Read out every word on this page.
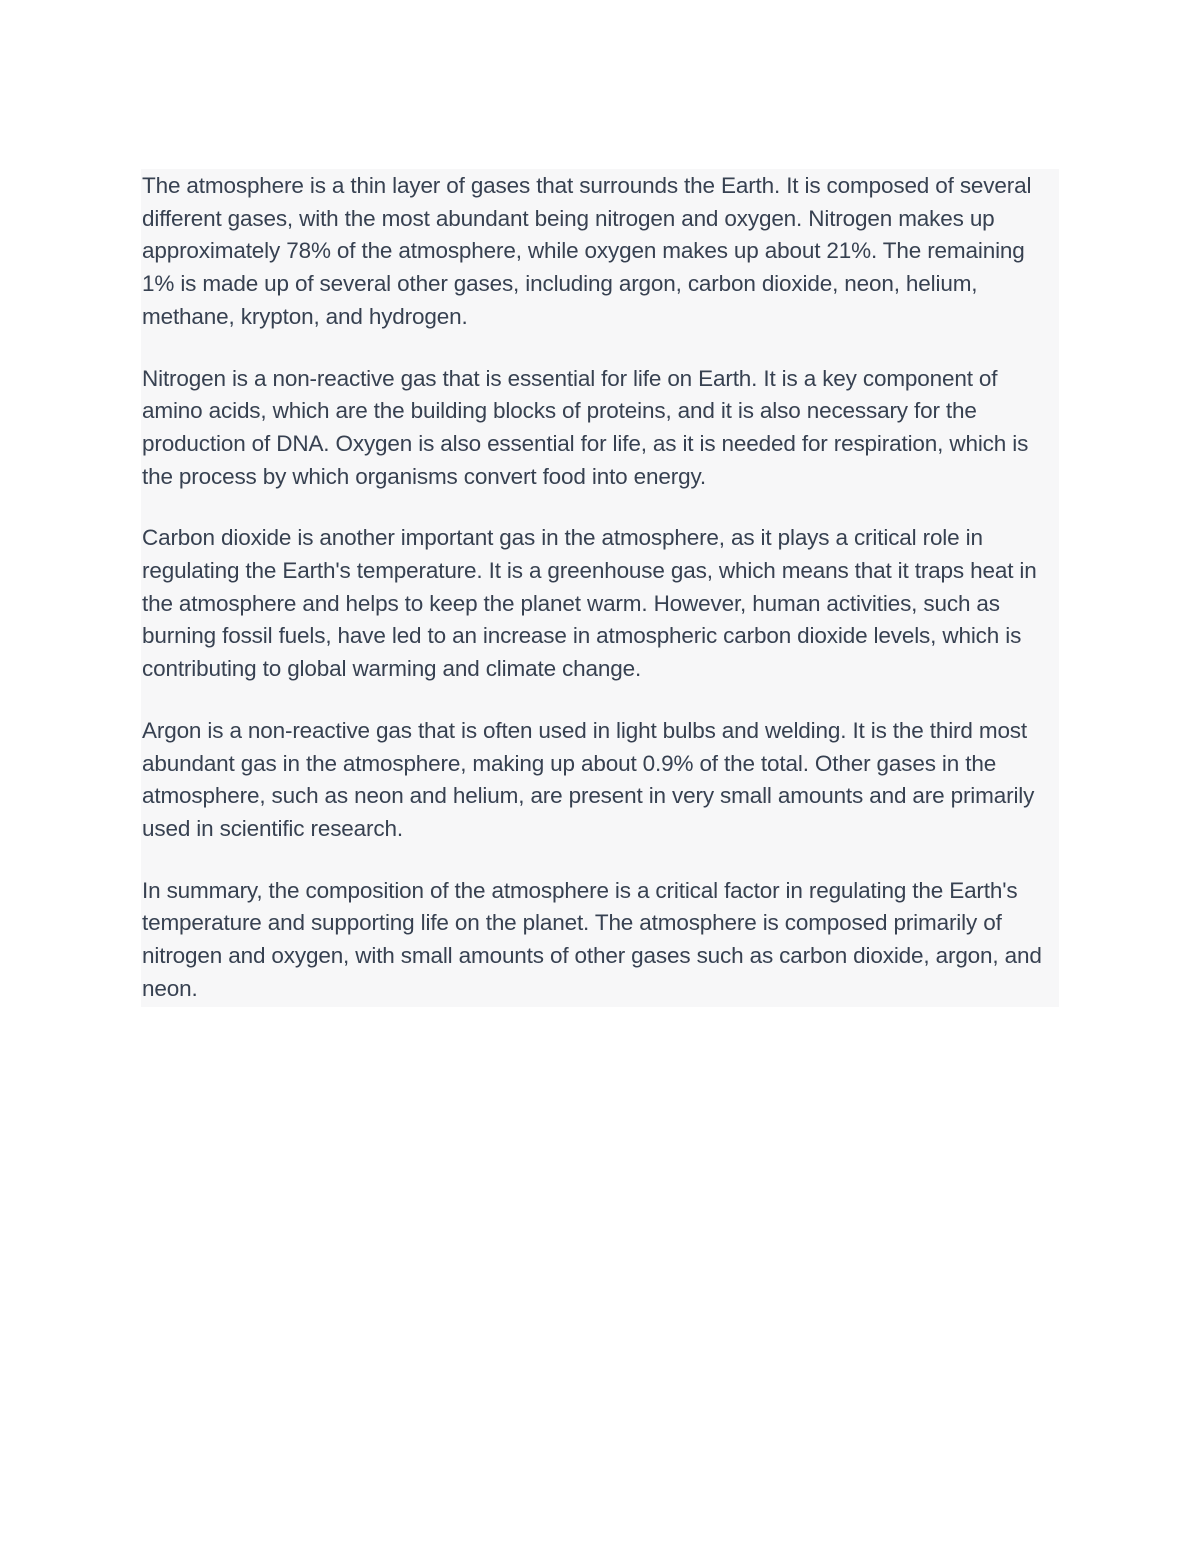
The atmosphere is a thin layer of gases that surrounds the Earth. It is composed of several different gases, with the most abundant being nitrogen and oxygen. Nitrogen makes up approximately 78% of the atmosphere, while oxygen makes up about 21%. The remaining 1% is made up of several other gases, including argon, carbon dioxide, neon, helium, methane, krypton, and hydrogen.

Nitrogen is a non-reactive gas that is essential for life on Earth. It is a key component of amino acids, which are the building blocks of proteins, and it is also necessary for the production of DNA. Oxygen is also essential for life, as it is needed for respiration, which is the process by which organisms convert food into energy.

Carbon dioxide is another important gas in the atmosphere, as it plays a critical role in regulating the Earth's temperature. It is a greenhouse gas, which means that it traps heat in the atmosphere and helps to keep the planet warm. However, human activities, such as burning fossil fuels, have led to an increase in atmospheric carbon dioxide levels, which is contributing to global warming and climate change.

Argon is a non-reactive gas that is often used in light bulbs and welding. It is the third most abundant gas in the atmosphere, making up about 0.9% of the total. Other gases in the atmosphere, such as neon and helium, are present in very small amounts and are primarily used in scientific research.

In summary, the composition of the atmosphere is a critical factor in regulating the Earth's temperature and supporting life on the planet. The atmosphere is composed primarily of nitrogen and oxygen, with small amounts of other gases such as carbon dioxide, argon, and neon.
